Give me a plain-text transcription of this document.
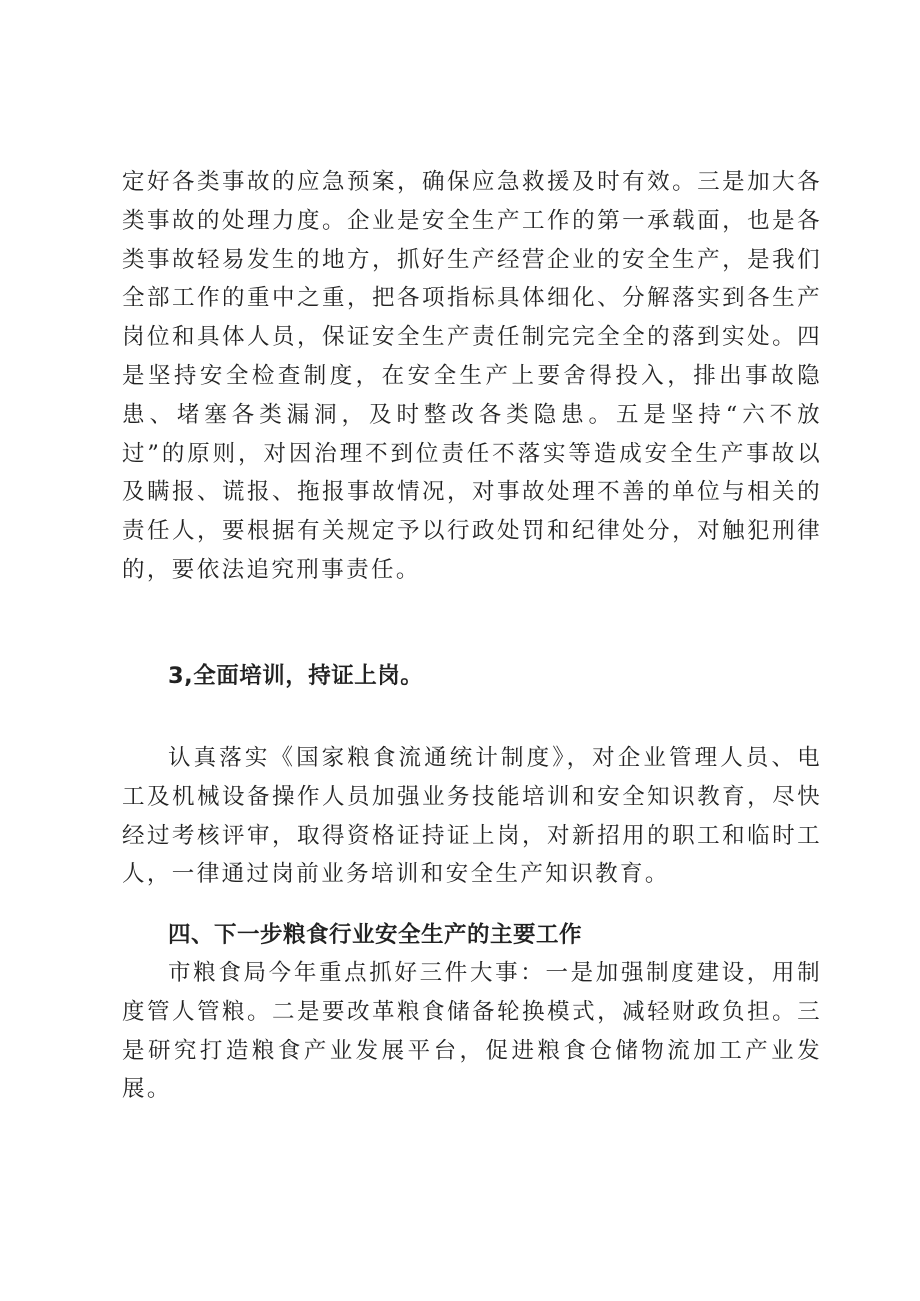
定好各类事故的应急预案，确保应急救援及时有效。三是加大各类事故的处理力度。企业是安全生产工作的第一承载面，也是各类事故轻易发生的地方，抓好生产经营企业的安全生产，是我们全部工作的重中之重，把各项指标具体细化、分解落实到各生产岗位和具体人员，保证安全生产责任制完完全全的落到实处。四是坚持安全检查制度，在安全生产上要舍得投入，排出事故隐患、堵塞各类漏洞，及时整改各类隐患。五是坚持“六不放过”的原则，对因治理不到位责任不落实等造成安全生产事故以及瞒报、谎报、拖报事故情况，对事故处理不善的单位与相关的责任人，要根据有关规定予以行政处罚和纪律处分，对触犯刑律的，要依法追究刑事责任。

3,全面培训，持证上岗。

认真落实《国家粮食流通统计制度》，对企业管理人员、电工及机械设备操作人员加强业务技能培训和安全知识教育，尽快经过考核评审，取得资格证持证上岗，对新招用的职工和临时工人，一律通过岗前业务培训和安全生产知识教育。

四、下一步粮食行业安全生产的主要工作

市粮食局今年重点抓好三件大事：一是加强制度建设，用制度管人管粮。二是要改革粮食储备轮换模式，减轻财政负担。三是研究打造粮食产业发展平台，促进粮食仓储物流加工产业发展。
